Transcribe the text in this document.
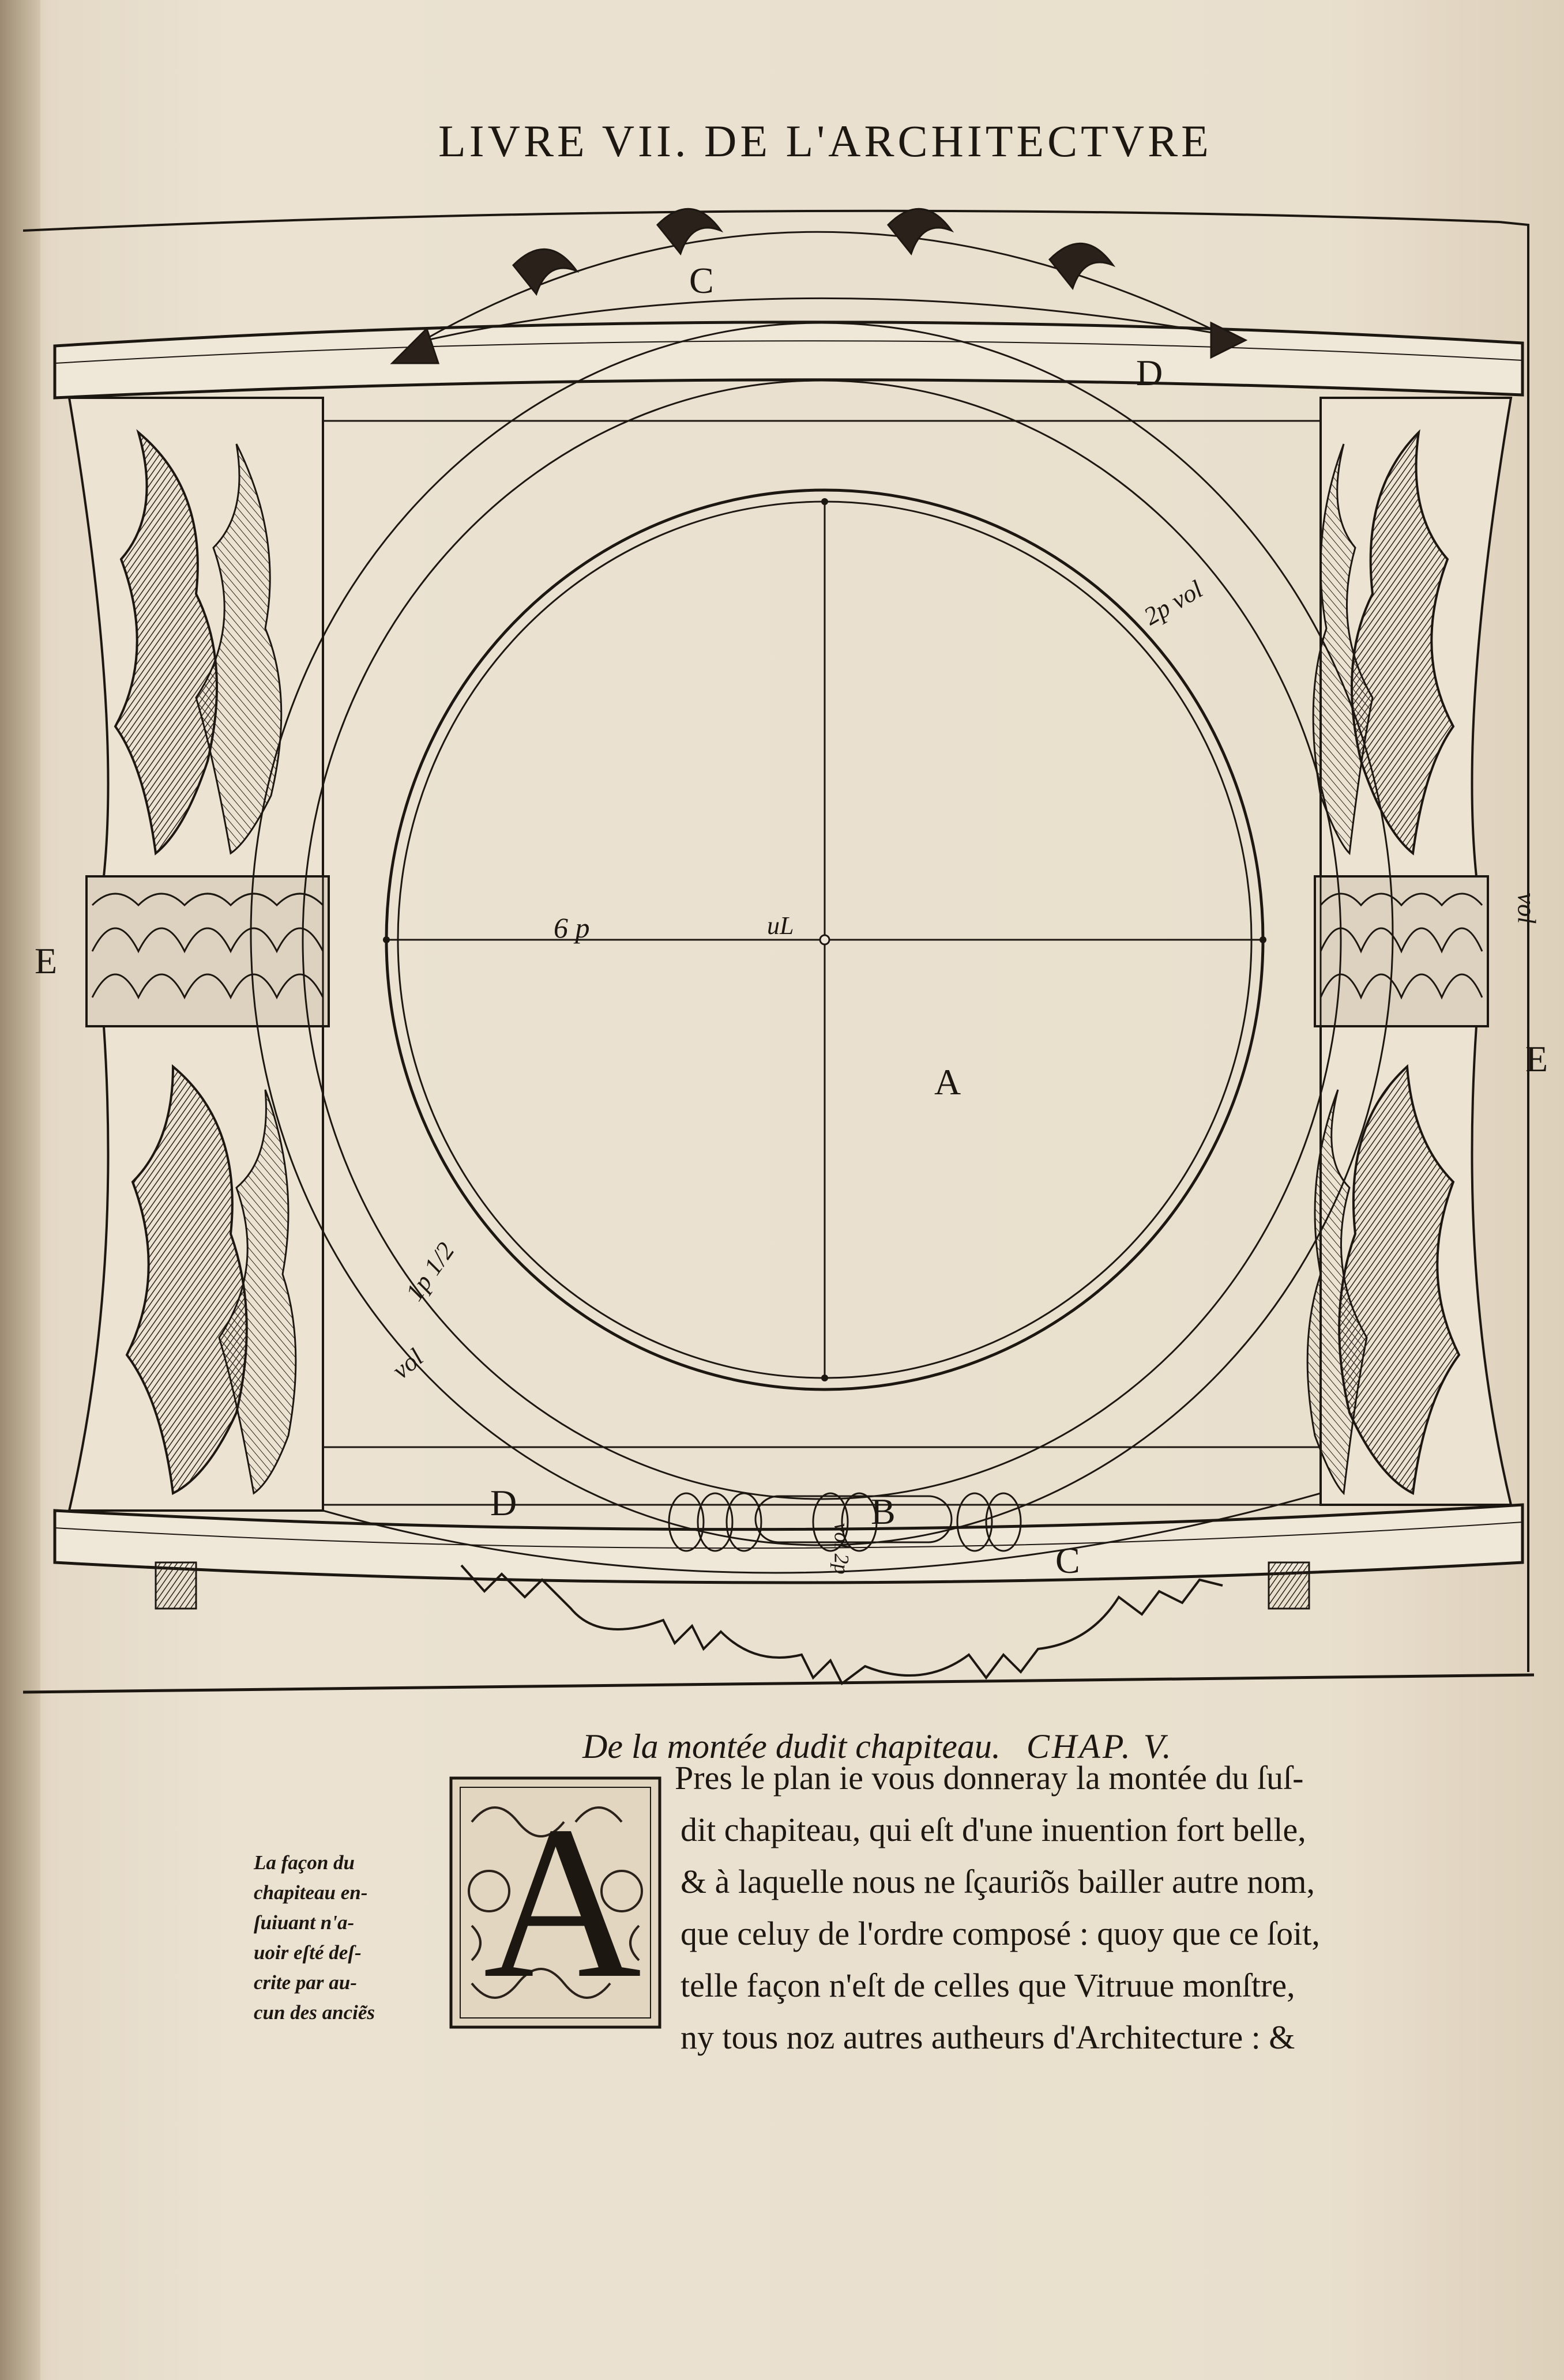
LIVRE VII. DE L'ARCHITECTVRE
C
D
A
B
D
C
E
E
6 p	uL
2p vol
1p 1/2
vol
vol 2p
vol
De la montée dudit chapiteau. CHAP. V.
La façon du
chapiteau en-
ſuiuant n'a-
uoir eſté deſ-
crite par au-
cun des anciẽs A
Pres le plan ie vous donneray la montée du ſuſ-
dit chapiteau, qui eſt d'une inuention fort belle,
& à laquelle nous ne ſçauriõs bailler autre nom,
que celuy de l'ordre composé : quoy que ce ſoit,
telle façon n'eſt de celles que Vitruue monſtre,
ny tous noz autres autheurs d'Architecture : &
